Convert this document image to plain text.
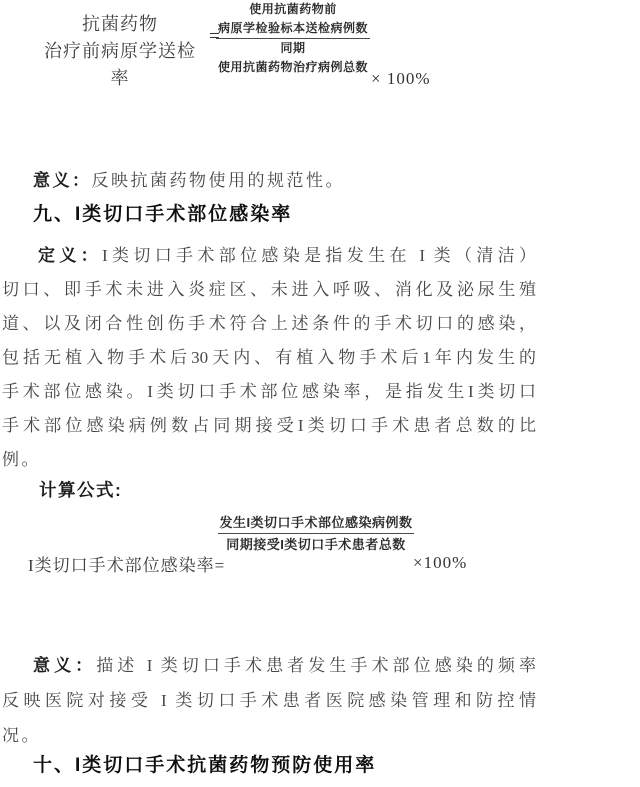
抗菌药物
治疗前病原学送检率
=
使用抗菌药物前
病原学检验标本送检病例数
同期
使用抗菌药物治疗病例总数
× 100%

意义：反映抗菌药物使用的规范性。

九、I类切口手术部位感染率
定义：I类切口手术部位感染是指发生在 I 类（清洁）
切口、即手术未进入炎症区、未进入呼吸、消化及泌尿生殖
道、以及闭合性创伤手术符合上述条件的手术切口的感染，
包括无植入物手术后30天内、有植入物手术后1年内发生的
手术部位感染。I类切口手术部位感染率，是指发生I类切口
手术部位感染病例数占同期接受I类切口手术患者总数的比
例。
计算公式:
I类切口手术部位感染率=
发生I类切口手术部位感染病例数
同期接受I类切口手术患者总数
×100%
意义：描述 I 类切口手术患者发生手术部位感染的频率
反映医院对接受 I 类切口手术患者医院感染管理和防控情
况。
十、I类切口手术抗菌药物预防使用率
